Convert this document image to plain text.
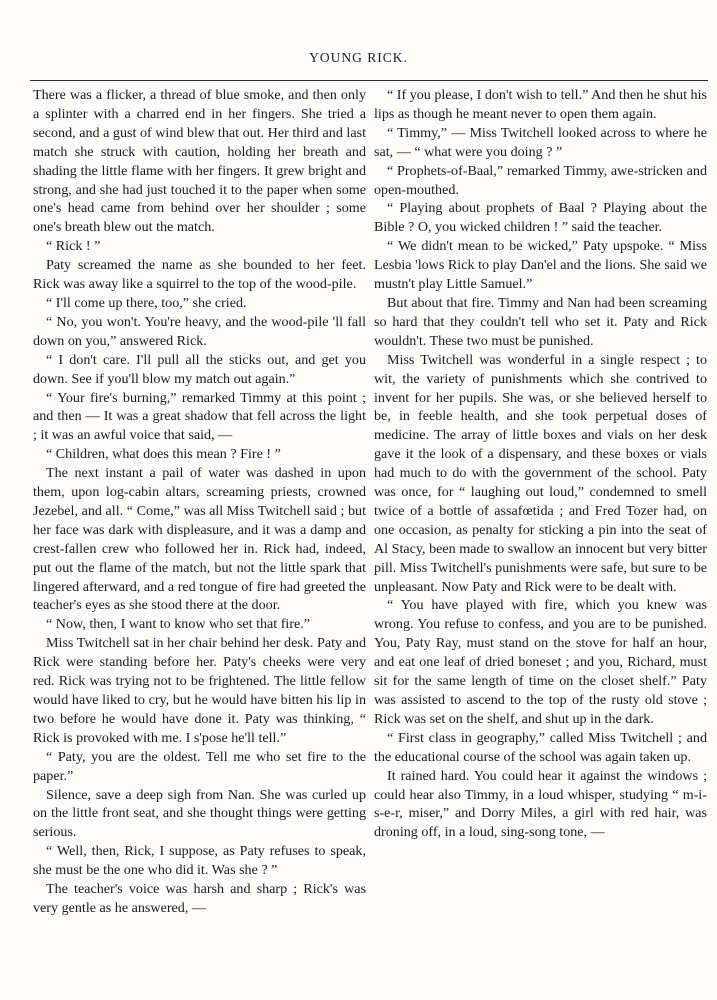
YOUNG RICK.

There was a flicker, a thread of blue smoke, and then only a splinter with a charred end in her fingers. She tried a second, and a gust of wind blew that out. Her third and last match she struck with caution, holding her breath and shading the little flame with her fingers. It grew bright and strong, and she had just touched it to the paper when some one's head came from behind over her shoulder ; some one's breath blew out the match.

“ Rick ! ”

Paty screamed the name as she bounded to her feet. Rick was away like a squirrel to the top of the wood-pile.

“ I'll come up there, too,” she cried.

“ No, you won't. You're heavy, and the wood-pile 'll fall down on you,” answered Rick.

“ I don't care. I'll pull all the sticks out, and get you down. See if you'll blow my match out again.”

“ Your fire's burning,” remarked Timmy at this point ; and then — It was a great shadow that fell across the light ; it was an awful voice that said, —

“ Children, what does this mean ? Fire ! ”

The next instant a pail of water was dashed in upon them, upon log-cabin altars, screaming priests, crowned Jezebel, and all. “ Come,” was all Miss Twitchell said ; but her face was dark with displeasure, and it was a damp and crest-fallen crew who followed her in. Rick had, indeed, put out the flame of the match, but not the little spark that lingered afterward, and a red tongue of fire had greeted the teacher's eyes as she stood there at the door.

“ Now, then, I want to know who set that fire.”

Miss Twitchell sat in her chair behind her desk. Paty and Rick were standing before her. Paty's cheeks were very red. Rick was trying not to be frightened. The little fellow would have liked to cry, but he would have bitten his lip in two before he would have done it. Paty was thinking, “ Rick is provoked with me. I s'pose he'll tell.”

“ Paty, you are the oldest. Tell me who set fire to the paper.”

Silence, save a deep sigh from Nan. She was curled up on the little front seat, and she thought things were getting serious.

“ Well, then, Rick, I suppose, as Paty refuses to speak, she must be the one who did it. Was she ? ”

The teacher's voice was harsh and sharp ; Rick's was very gentle as he answered, —

“ If you please, I don't wish to tell.” And then he shut his lips as though he meant never to open them again.

“ Timmy,” — Miss Twitchell looked across to where he sat, — “ what were you doing ? ”

“ Prophets-of-Baal,” remarked Timmy, awe-stricken and open-mouthed.

“ Playing about prophets of Baal ? Playing about the Bible ? O, you wicked children ! ” said the teacher.

“ We didn't mean to be wicked,” Paty upspoke. “ Miss Lesbia 'lows Rick to play Dan'el and the lions. She said we mustn't play Little Samuel.”

But about that fire. Timmy and Nan had been screaming so hard that they couldn't tell who set it. Paty and Rick wouldn't. These two must be punished.

Miss Twitchell was wonderful in a single respect ; to wit, the variety of punishments which she contrived to invent for her pupils. She was, or she believed herself to be, in feeble health, and she took perpetual doses of medicine. The array of little boxes and vials on her desk gave it the look of a dispensary, and these boxes or vials had much to do with the government of the school. Paty was once, for “ laughing out loud,” condemned to smell twice of a bottle of assafœtida ; and Fred Tozer had, on one occasion, as penalty for sticking a pin into the seat of Al Stacy, been made to swallow an innocent but very bitter pill. Miss Twitchell's punishments were safe, but sure to be unpleasant. Now Paty and Rick were to be dealt with.

“ You have played with fire, which you knew was wrong. You refuse to confess, and you are to be punished. You, Paty Ray, must stand on the stove for half an hour, and eat one leaf of dried boneset ; and you, Richard, must sit for the same length of time on the closet shelf.” Paty was assisted to ascend to the top of the rusty old stove ; Rick was set on the shelf, and shut up in the dark.

“ First class in geography,” called Miss Twitchell ; and the educational course of the school was again taken up.

It rained hard. You could hear it against the windows ; could hear also Timmy, in a loud whisper, studying “ m-i-s-e-r, miser,” and Dorry Miles, a girl with red hair, was droning off, in a loud, sing-song tone, —
